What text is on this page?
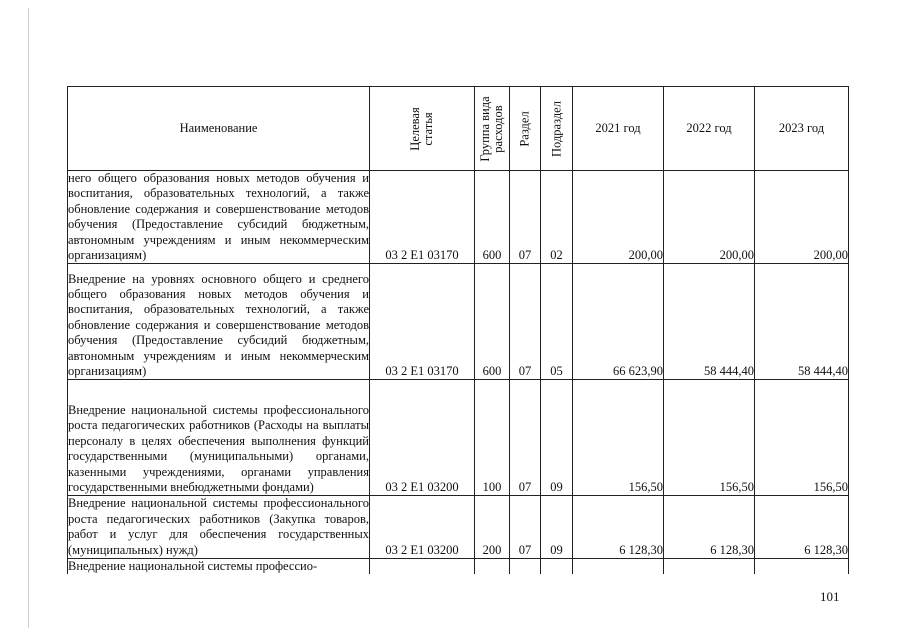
Наименование	Целевая статья	Группа вида расходов	Раздел	Подраздел	2021 год	2022 год	2023 год

него общего образования новых методов обучения и воспитания, образовательных технологий, а также обновление содержания и совершенствование методов обучения (Предоставление субсидий бюджетным, автономным учреждениям и иным некоммерческим организациям)	03 2 E1 03170	600	07	02	200,00	200,00	200,00

Внедрение на уровнях основного общего и среднего общего образования новых методов обучения и воспитания, образовательных технологий, а также обновление содержания и совершенствование методов обучения (Предоставление субсидий бюджетным, автономным учреждениям и иным некоммерческим организациям)	03 2 E1 03170	600	07	05	66 623,90	58 444,40	58 444,40

Внедрение национальной системы профессионального роста педагогических работников (Расходы на выплаты персоналу в целях обеспечения выполнения функций государственными (муниципальными) органами, казенными учреждениями, органами управления государственными внебюджетными фондами)	03 2 E1 03200	100	07	09	156,50	156,50	156,50

Внедрение национальной системы профессионального роста педагогических работников (Закупка товаров, работ и услуг для обеспечения государственных (муниципальных) нужд)	03 2 E1 03200	200	07	09	6 128,30	6 128,30	6 128,30

Внедрение национальной системы профессио-							

101
